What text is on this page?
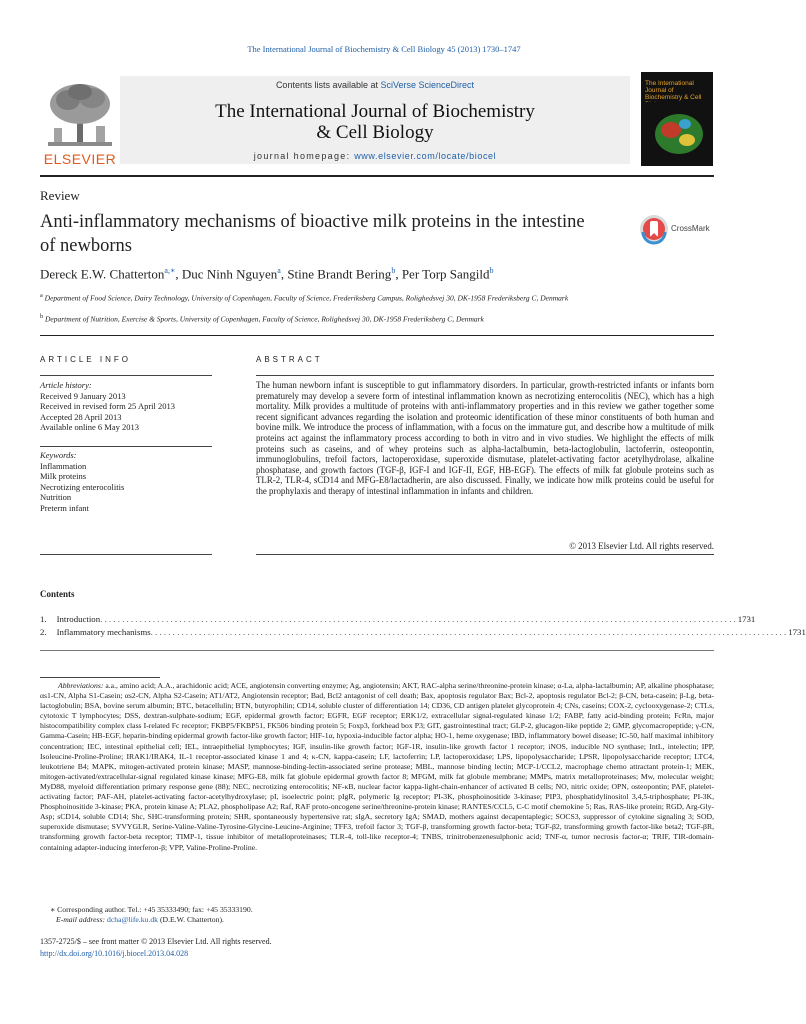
The International Journal of Biochemistry & Cell Biology 45 (2013) 1730–1747
ELSEVIER
Contents lists available at SciVerse ScienceDirect
The International Journal of Biochemistry
& Cell Biology
journal homepage: www.elsevier.com/locate/biocel
The International Journal of Biochemistry & Cell
Review
Anti-inflammatory mechanisms of bioactive milk proteins in the intestine of newborns
CrossMark
Dereck E.W. Chatterton$^{a,∗}$, Duc Ninh Nguyen$^a$, Stine Brandt Bering$^b$, Per Torp Sangild$^b$
$^a$ Department of Food Science, Dairy Technology, University of Copenhagen, Faculty of Science, Frederiksberg Campus, Rolighedsvej 30, DK-1958 Frederiksberg C, Denmark
$^b$ Department of Nutrition, Exercise & Sports, University of Copenhagen, Faculty of Science, Rolighedsvej 30, DK-1958 Frederiksberg C, Denmark
ARTICLE INFO	ABSTRACT
Article history:
Received 9 January 2013
Received in revised form 25 April 2013
Accepted 28 April 2013
Available online 6 May 2013
Keywords:
Inflammation
Milk proteins
Necrotizing enterocolitis
Nutrition
Preterm infant
The human newborn infant is susceptible to gut inflammatory disorders. In particular, growth-restricted infants or infants born prematurely may develop a severe form of intestinal inflammation known as necrotizing enterocolitis (NEC), which has a high mortality. Milk provides a multitude of proteins with anti-inflammatory properties and in this review we gather together some recent significant advances regarding the isolation and proteomic identification of these minor constituents of both human and bovine milk. We introduce the process of inflammation, with a focus on the immature gut, and describe how a multitude of milk proteins act against the inflammatory process according to both in vitro and in vivo studies. We highlight the effects of milk proteins such as caseins, and of whey proteins such as alpha-lactalbumin, beta-lactoglobulin, lactoferrin, osteopontin, immunoglobulins, trefoil factors, lactoperoxidase, superoxide dismutase, platelet-activating factor acetylhydrolase, alkaline phosphatase, and growth factors (TGF-β, IGF-I and IGF-II, EGF, HB-EGF). The effects of milk fat globule proteins such as TLR-2, TLR-4, sCD14 and MFG-E8/lactadherin, are also discussed. Finally, we indicate how milk proteins could be useful for the prophylaxis and therapy of intestinal inflammation in infants and children.
© 2013 Elsevier Ltd. All rights reserved.
Contents
1.	Introduction . . . . . . . . . . . . . . . . . . . . . . . . . . . . . . . . . . . . . . . . . . . . . . . . . . . . . . . . . . . . . . . . . . . . . . . . . . . . . . . . . . . . . . . . . . . . . . . . . . . . . . . . . . . . . . . . . . . . . . . . . . . . . . . . . . . . . . . . . . . . . . . . . 1731
2.	Inflammatory mechanisms . . . . . . . . . . . . . . . . . . . . . . . . . . . . . . . . . . . . . . . . . . . . . . . . . . . . . . . . . . . . . . . . . . . . . . . . . . . . . . . . . . . . . . . . . . . . . . . . . . . . . . . . . . . . . . . . . . . . . . . . . . . . . . . . . . . . . . . . . . . . . . . . . 1731
Abbreviations: a.a., amino acid; A.A., arachidonic acid; ACE, angiotensin converting enzyme; Ag, angiotensin; AKT, RAC-alpha serine/threonine-protein kinase; α-La, alpha-lactalbumin; AP, alkaline phosphatase; αs1-CN, Alpha S1-Casein; αs2-CN, Alpha S2-Casein; AT1/AT2, Angiotensin receptor; Bad, Bcl2 antagonist of cell death; Bax, apoptosis regulator Bax; Bcl-2, apoptosis regulator Bcl-2; β-CN, beta-casein; β-Lg, beta-lactoglobulin; BSA, bovine serum albumin; BTC, betacellulin; BTN, butyrophilin; CD14, soluble cluster of differentiation 14; CD36, CD antigen platelet glycoprotein 4; CNs, caseins; COX-2, cyclooxygenase-2; CTLs, cytotoxic T lymphocytes; DSS, dextran-sulphate-sodium; EGF, epidermal growth factor; EGFR, EGF receptor; ERK1/2, extracellular signal-regulated kinase 1/2; FABP, fatty acid-binding protein; FcRn, major histocompatibility complex class I-related Fc receptor; FKBP5/FKBP51, FK506 binding protein 5; Foxp3, forkhead box P3; GIT, gastrointestinal tract; GLP-2, glucagon-like peptide 2; GMP, glycomacropeptide; γ-CN, Gamma-Casein; HB-EGF, heparin-binding epidermal growth factor-like growth factor; HIF-1α, hypoxia-inducible factor alpha; HO-1, heme oxygenase; IBD, inflammatory bowel disease; IC-50, half maximal inhibitory concentration; IEC, intestinal epithelial cell; IEL, intraepithelial lymphocytes; IGF, insulin-like growth factor; IGF-1R, insulin-like growth factor 1 receptor; iNOS, inducible NO synthase; IntL, intelectin; IPP, Isoleucine-Proline-Proline; IRAK1/IRAK4, IL-1 receptor-associated kinase 1 and 4; κ-CN, kappa-casein; LF, lactoferrin; LP, lactoperoxidase; LPS, lipopolysaccharide; LPSR, lipopolysaccharide receptor; LTC4, leukotriene B4; MAPK, mitogen-activated protein kinase; MASP, mannose-binding-lectin-associated serine protease; MBL, mannose binding lectin; MCP-1/CCL2, macrophage chemo attractant protein-1; MEK, mitogen-activated/extracellular-signal regulated kinase kinase; MFG-E8, milk fat globule epidermal growth factor 8; MFGM, milk fat globule membrane; MMPs, matrix metalloproteinases; Mw, molecular weight; MyD88, myeloid differentiation primary response gene (88); NEC, necrotizing enterocolitis; NF-κB, nuclear factor kappa-light-chain-enhancer of activated B cells; NO, nitric oxide; OPN, osteopontin; PAF, platelet-activating factor; PAF-AH, platelet-activating factor-acetylhydroxylase; pI, isoelectric point; pIgR, polymeric Ig receptor; PI-3K, phosphoinositide 3-kinase; PIP3, phosphatidylinositol 3,4,5-triphosphate; PI-3K, Phosphoinositide 3-kinase; PKA, protein kinase A; PLA2, phospholipase A2; Raf, RAF proto-oncogene serine/threonine-protein kinase; RANTES/CCL5, C-C motif chemokine 5; Ras, RAS-like protein; RGD, Arg-Gly-Asp; sCD14, soluble CD14; Shc, SHC-transforming protein; SHR, spontaneously hypertensive rat; sIgA, secretory IgA; SMAD, mothers against decapentaplegic; SOCS3, suppressor of cytokine signaling 3; SOD, superoxide dismutase; SVVYGLR, Serine-Valine-Valine-Tyrosine-Glycine-Leucine-Arginine; TFF3, trefoil factor 3; TGF-β, transforming growth factor-beta; TGF-β2, transforming growth factor-like beta2; TGF-βR, transforming growth factor-beta receptor; TIMP-1, tissue inhibitor of metalloproteinases; TLR-4, toll-like receptor-4; TNBS, trinitrobenzenesulphonic acid; TNF-α, tumor necrosis factor-α; TRIF, TIR-domain-containing adapter-inducing interferon-β; VPP, Valine-Proline-Proline.
∗ Corresponding author. Tel.: +45 35333490; fax: +45 35333190.
E-mail address: dcha@life.ku.dk (D.E.W. Chatterton).
1357-2725/$ – see front matter © 2013 Elsevier Ltd. All rights reserved.
http://dx.doi.org/10.1016/j.biocel.2013.04.028
